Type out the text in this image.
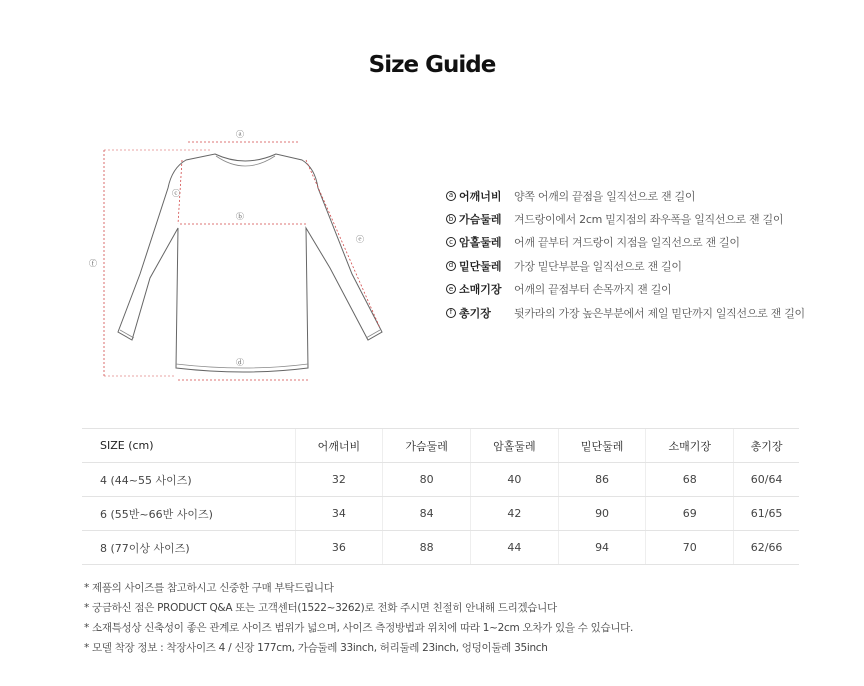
Size Guide
ⓐ
ⓑ
ⓒ
ⓓ
ⓔ
ⓕ
a 어깨너비	양쪽 어깨의 끝점을 일직선으로 잰 길이
b 가슴둘레	겨드랑이에서 2cm 밑지점의 좌우폭을 일직선으로 잰 길이
c 암홀둘레	어깨 끝부터 겨드랑이 지점을 일직선으로 잰 길이
d 밑단둘레	가장 밑단부분을 일직선으로 잰 길이
e 소매기장	어깨의 끝점부터 손목까지 잰 길이
f 총기장	뒷카라의 가장 높은부분에서 제일 밑단까지 일직선으로 잰 길이
SIZE (cm)	어깨너비	가슴둘레	암홀둘레	밑단둘레	소매기장	총기장
4 (44~55 사이즈)	32	80	40	86	68	60/64
6 (55반~66반 사이즈)	34	84	42	90	69	61/65
8 (77이상 사이즈)	36	88	44	94	70	62/66
* 제품의 사이즈를 참고하시고 신중한 구매 부탁드립니다
* 궁금하신 점은 PRODUCT Q&A 또는 고객센터(1522~3262)로 전화 주시면 친절히 안내해 드리겠습니다
* 소재특성상 신축성이 좋은 관계로 사이즈 범위가 넓으며, 사이즈 측정방법과 위치에 따라 1~2cm 오차가 있을 수 있습니다.
* 모델 착장 정보 : 착장사이즈 4 / 신장 177cm, 가슴둘레 33inch, 허리둘레 23inch, 엉덩이둘레 35inch
